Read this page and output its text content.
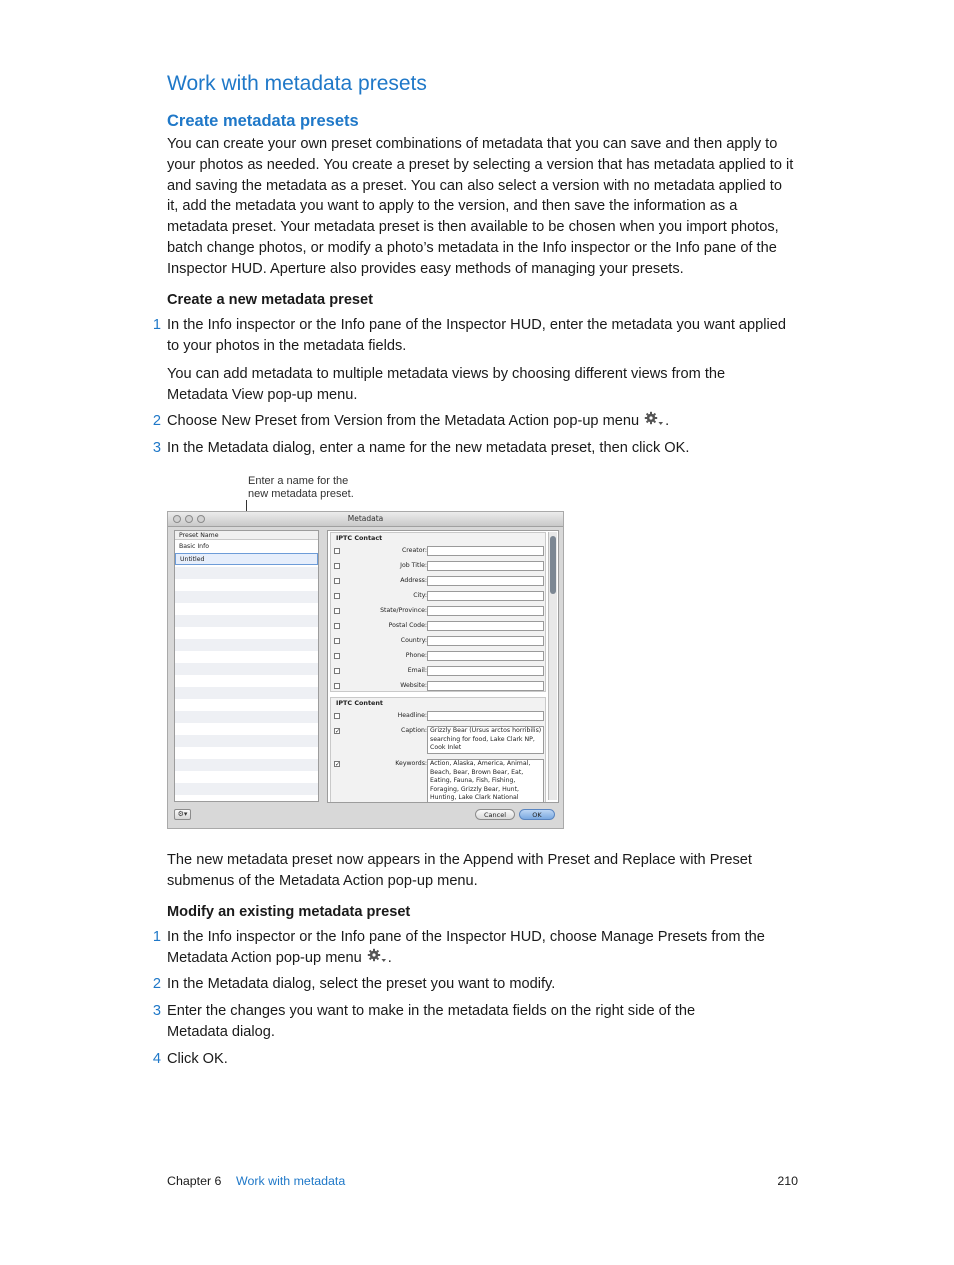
Work with metadata presets
Create metadata presets
You can create your own preset combinations of metadata that you can save and then apply to your photos as needed. You create a preset by selecting a version that has metadata applied to it and saving the metadata as a preset. You can also select a version with no metadata applied to it, add the metadata you want to apply to the version, and then save the information as a metadata preset. Your metadata preset is then available to be chosen when you import photos, batch change photos, or modify a photo’s metadata in the Info inspector or the Info pane of the Inspector HUD. Aperture also provides easy methods of managing your presets.
Create a new metadata preset
1 In the Info inspector or the Info pane of the Inspector HUD, enter the metadata you want applied to your photos in the metadata fields.
You can add metadata to multiple metadata views by choosing different views from the Metadata View pop-up menu.
2 Choose New Preset from Version from the Metadata Action pop-up menu .
3 In the Metadata dialog, enter a name for the new metadata preset, then click OK.
Enter a name for the new metadata preset.
Metadata
Preset Name
Basic Info
Untitled
IPTC Contact
Creator:
Job Title:
Address:
City:
State/Province:
Postal Code:
Country:
Phone:
Email:
Website:
IPTC Content
Headline:
✓	Caption: Grizzly Bear (Ursus arctos horribilis) searching for food, Lake Clark NP, Cook Inlet
✓	Keywords: Action, Alaska, America, Animal, Beach, Bear, Brown Bear, Eat, Eating, Fauna, Fish, Fishing, Foraging, Grizzly Bear, Hunt, Hunting, Lake Clark National
⚙▾	Cancel	OK
The new metadata preset now appears in the Append with Preset and Replace with Preset submenus of the Metadata Action pop-up menu.
Modify an existing metadata preset
1 In the Info inspector or the Info pane of the Inspector HUD, choose Manage Presets from the Metadata Action pop-up menu .
2 In the Metadata dialog, select the preset you want to modify.
3 Enter the changes you want to make in the metadata fields on the right side of the Metadata dialog.
4 Click OK.
Chapter 6 Work with metadata	210
